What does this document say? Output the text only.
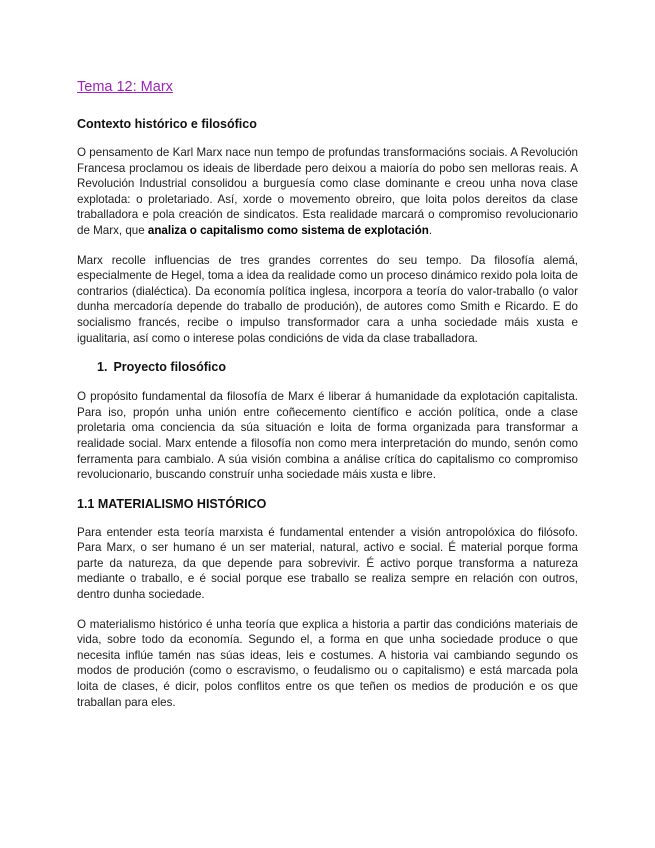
Tema 12: Marx
Contexto histórico e filosófico

O pensamento de Karl Marx nace nun tempo de profundas transformacións sociais. A Revolución Francesa proclamou os ideais de liberdade pero deixou a maioría do pobo sen melloras reais. A Revolución Industrial consolidou a burguesía como clase dominante e creou unha nova clase explotada: o proletariado. Así, xorde o movemento obreiro, que loita polos dereitos da clase traballadora e pola creación de sindicatos. Esta realidade marcará o compromiso revolucionario de Marx, que analiza o capitalismo como sistema de explotación.

Marx recolle influencias de tres grandes correntes do seu tempo. Da filosofía alemá, especialmente de Hegel, toma a idea da realidade como un proceso dinámico rexido pola loita de contrarios (dialéctica). Da economía política inglesa, incorpora a teoría do valor-traballo (o valor dunha mercadoría depende do traballo de produción), de autores como Smith e Ricardo. E do socialismo francés, recibe o impulso transformador cara a unha sociedade máis xusta e igualitaria, así como o interese polas condicións de vida da clase traballadora.

1. Proyecto filosófico

O propósito fundamental da filosofía de Marx é liberar á humanidade da explotación capitalista. Para iso, propón unha unión entre coñecemento científico e acción política, onde a clase proletaria oma conciencia da súa situación e loita de forma organizada para transformar a realidade social. Marx entende a filosofía non como mera interpretación do mundo, senón como ferramenta para cambialo. A súa visión combina a análise crítica do capitalismo co compromiso revolucionario, buscando construír unha sociedade máis xusta e libre.

1.1 MATERIALISMO HISTÓRICO

Para entender esta teoría marxista é fundamental entender a visión antropolóxica do filósofo. Para Marx, o ser humano é un ser material, natural, activo e social. É material porque forma parte da natureza, da que depende para sobrevivir. É activo porque transforma a natureza mediante o traballo, e é social porque ese traballo se realiza sempre en relación con outros, dentro dunha sociedade.

O materialismo histórico é unha teoría que explica a historia a partir das condicións materiais de vida, sobre todo da economía. Segundo el, a forma en que unha sociedade produce o que necesita inflúe tamén nas súas ideas, leis e costumes. A historia vai cambiando segundo os modos de produción (como o escravismo, o feudalismo ou o capitalismo) e está marcada pola loita de clases, é dicir, polos conflitos entre os que teñen os medios de produción e os que traballan para eles.
